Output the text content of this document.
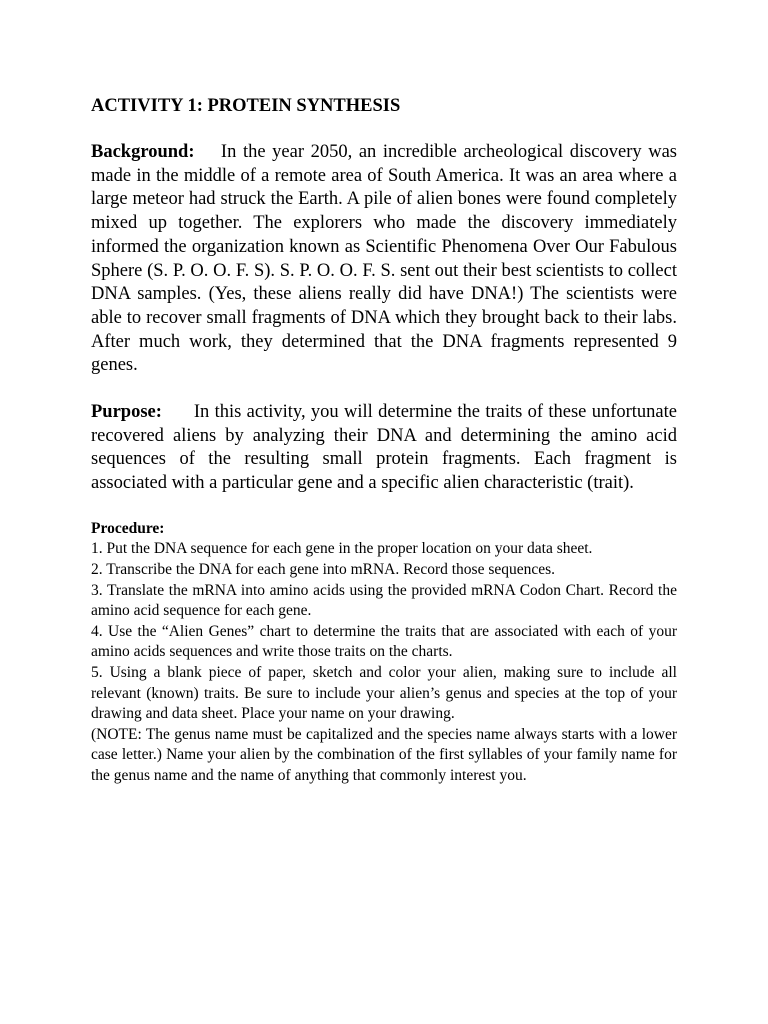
ACTIVITY 1: PROTEIN SYNTHESIS

Background: In the year 2050, an incredible archeological discovery was made in the middle of a remote area of South America. It was an area where a large meteor had struck the Earth. A pile of alien bones were found completely mixed up together. The explorers who made the discovery immediately informed the organization known as Scientific Phenomena Over Our Fabulous Sphere (S. P. O. O. F. S). S. P. O. O. F. S. sent out their best scientists to collect DNA samples. (Yes, these aliens really did have DNA!) The scientists were able to recover small fragments of DNA which they brought back to their labs. After much work, they determined that the DNA fragments represented 9 genes.

Purpose: In this activity, you will determine the traits of these unfortunate recovered aliens by analyzing their DNA and determining the amino acid sequences of the resulting small protein fragments. Each fragment is associated with a particular gene and a specific alien characteristic (trait).

Procedure:
1. Put the DNA sequence for each gene in the proper location on your data sheet.
2. Transcribe the DNA for each gene into mRNA. Record those sequences.
3. Translate the mRNA into amino acids using the provided mRNA Codon Chart. Record the amino acid sequence for each gene.
4. Use the “Alien Genes” chart to determine the traits that are associated with each of your amino acids sequences and write those traits on the charts.
5. Using a blank piece of paper, sketch and color your alien, making sure to include all relevant (known) traits. Be sure to include your alien’s genus and species at the top of your drawing and data sheet. Place your name on your drawing.

(NOTE: The genus name must be capitalized and the species name always starts with a lower case letter.) Name your alien by the combination of the first syllables of your family name for the genus name and the name of anything that commonly interest you.
